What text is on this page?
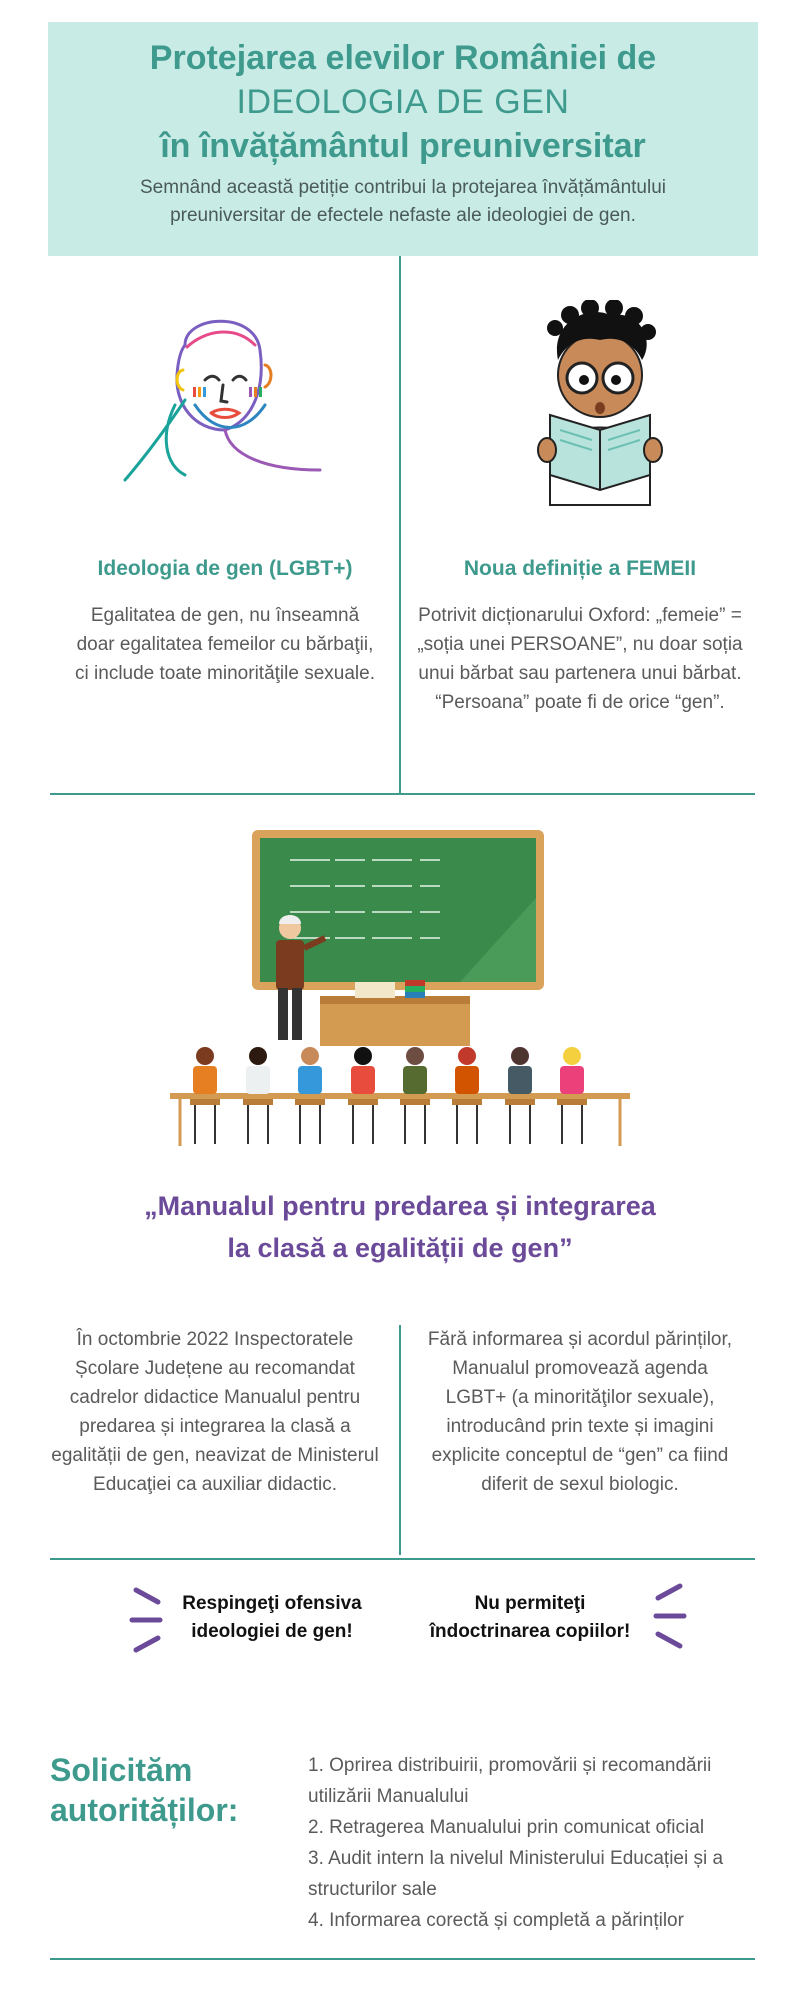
Protejarea elevilor României de
IDEOLOGIA DE GEN
în învățământul preuniversitar
Semnând această petiție contribui la protejarea învățământului preuniversitar de efectele nefaste ale ideologiei de gen.
Ideologia de gen (LGBT+)
Egalitatea de gen, nu înseamnă doar egalitatea femeilor cu bărbaţii, ci include toate minorităţile sexuale.
Noua definiție a FEMEII
Potrivit dicționarului Oxford: „femeie” = „soția unei PERSOANE”, nu doar soția unui bărbat sau partenera unui bărbat. “Persoana” poate fi de orice “gen”.
„Manualul pentru predarea și integrarea
la clasă a egalității de gen”
În octombrie 2022 Inspectoratele Școlare Județene au recomandat cadrelor didactice Manualul pentru predarea și integrarea la clasă a egalității de gen, neavizat de Ministerul Educaţiei ca auxiliar didactic.
Fără informarea și acordul părinților, Manualul promovează agenda LGBT+ (a minorităţilor sexuale), introducând prin texte și imagini explicite conceptul de “gen” ca fiind diferit de sexul biologic.
Respingeţi ofensiva ideologiei de gen!
Nu permiteţi îndoctrinarea copiilor!
Solicităm
autorităților:
1. Oprirea distribuirii, promovării și recomandării utilizării Manualului
2. Retragerea Manualului prin comunicat oficial
3. Audit intern la nivelul Ministerului Educației și a structurilor sale
4. Informarea corectă și completă a părinților
